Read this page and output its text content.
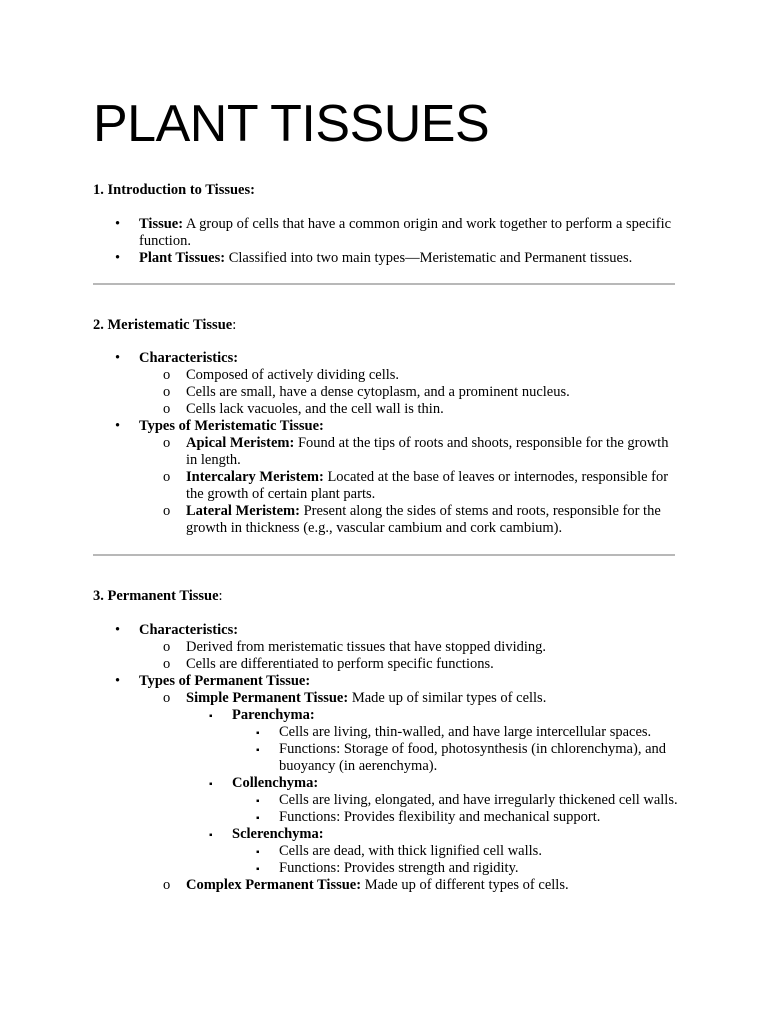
PLANT TISSUES
1. Introduction to Tissues:
• Tissue: A group of cells that have a common origin and work together to perform a specific function.
• Plant Tissues: Classified into two main types—Meristematic and Permanent tissues.
2. Meristematic Tissue:
• Characteristics:
o Composed of actively dividing cells.
o Cells are small, have a dense cytoplasm, and a prominent nucleus.
o Cells lack vacuoles, and the cell wall is thin.
• Types of Meristematic Tissue:
o Apical Meristem: Found at the tips of roots and shoots, responsible for the growth in length.
o Intercalary Meristem: Located at the base of leaves or internodes, responsible for the growth of certain plant parts.
o Lateral Meristem: Present along the sides of stems and roots, responsible for the growth in thickness (e.g., vascular cambium and cork cambium).
3. Permanent Tissue:
• Characteristics:
o Derived from meristematic tissues that have stopped dividing.
o Cells are differentiated to perform specific functions.
• Types of Permanent Tissue:
o Simple Permanent Tissue: Made up of similar types of cells.
▪ Parenchyma:
▪ Cells are living, thin-walled, and have large intercellular spaces.
▪ Functions: Storage of food, photosynthesis (in chlorenchyma), and buoyancy (in aerenchyma).
▪ Collenchyma:
▪ Cells are living, elongated, and have irregularly thickened cell walls.
▪ Functions: Provides flexibility and mechanical support.
▪ Sclerenchyma:
▪ Cells are dead, with thick lignified cell walls.
▪ Functions: Provides strength and rigidity.
o Complex Permanent Tissue: Made up of different types of cells.
